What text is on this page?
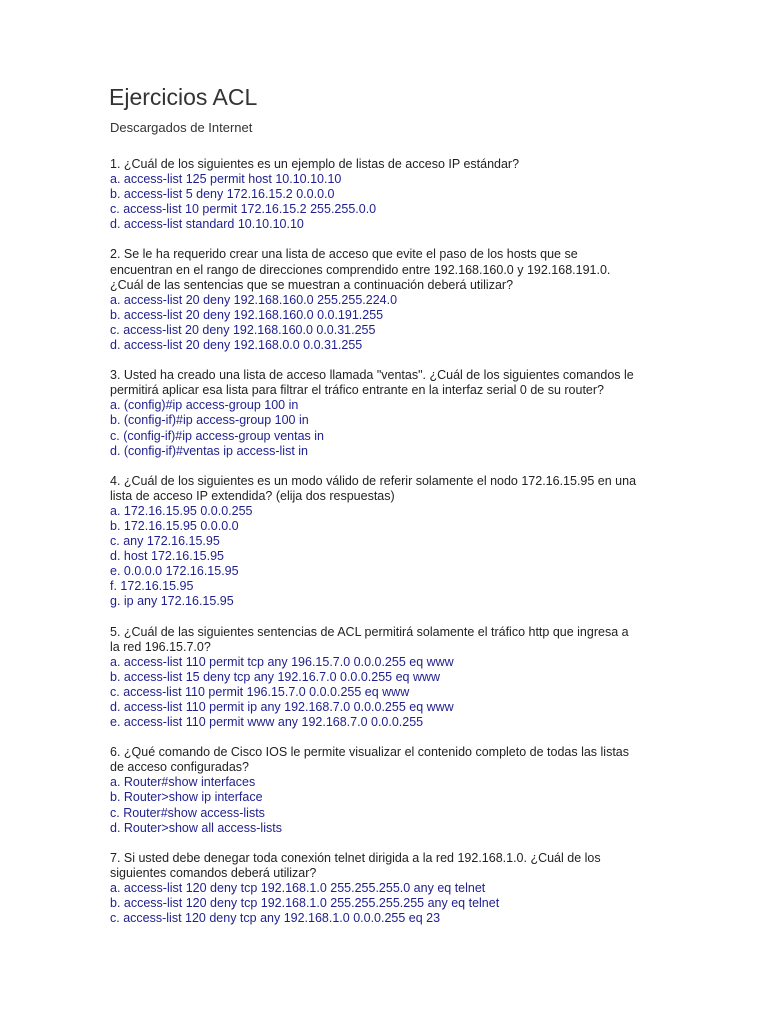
Ejercicios ACL
Descargados de Internet
1. ¿Cuál de los siguientes es un ejemplo de listas de acceso IP estándar?
a. access-list 125 permit host 10.10.10.10
b. access-list 5 deny 172.16.15.2 0.0.0.0
c. access-list 10 permit 172.16.15.2 255.255.0.0
d. access-list standard 10.10.10.10
2. Se le ha requerido crear una lista de acceso que evite el paso de los hosts que se
encuentran en el rango de direcciones comprendido entre 192.168.160.0 y 192.168.191.0.
¿Cuál de las sentencias que se muestran a continuación deberá utilizar?
a. access-list 20 deny 192.168.160.0 255.255.224.0
b. access-list 20 deny 192.168.160.0 0.0.191.255
c. access-list 20 deny 192.168.160.0 0.0.31.255
d. access-list 20 deny 192.168.0.0 0.0.31.255
3. Usted ha creado una lista de acceso llamada "ventas". ¿Cuál de los siguientes comandos le
permitirá aplicar esa lista para filtrar el tráfico entrante en la interfaz serial 0 de su router?
a. (config)#ip access-group 100 in
b. (config-if)#ip access-group 100 in
c. (config-if)#ip access-group ventas in
d. (config-if)#ventas ip access-list in
4. ¿Cuál de los siguientes es un modo válido de referir solamente el nodo 172.16.15.95 en una
lista de acceso IP extendida? (elija dos respuestas)
a. 172.16.15.95 0.0.0.255
b. 172.16.15.95 0.0.0.0
c. any 172.16.15.95
d. host 172.16.15.95
e. 0.0.0.0 172.16.15.95
f. 172.16.15.95
g. ip any 172.16.15.95
5. ¿Cuál de las siguientes sentencias de ACL permitirá solamente el tráfico http que ingresa a
la red 196.15.7.0?
a. access-list 110 permit tcp any 196.15.7.0 0.0.0.255 eq www
b. access-list 15 deny tcp any 192.16.7.0 0.0.0.255 eq www
c. access-list 110 permit 196.15.7.0 0.0.0.255 eq www
d. access-list 110 permit ip any 192.168.7.0 0.0.0.255 eq www
e. access-list 110 permit www any 192.168.7.0 0.0.0.255
6. ¿Qué comando de Cisco IOS le permite visualizar el contenido completo de todas las listas
de acceso configuradas?
a. Router#show interfaces
b. Router>show ip interface
c. Router#show access-lists
d. Router>show all access-lists
7. Si usted debe denegar toda conexión telnet dirigida a la red 192.168.1.0. ¿Cuál de los
siguientes comandos deberá utilizar?
a. access-list 120 deny tcp 192.168.1.0 255.255.255.0 any eq telnet
b. access-list 120 deny tcp 192.168.1.0 255.255.255.255 any eq telnet
c. access-list 120 deny tcp any 192.168.1.0 0.0.0.255 eq 23
